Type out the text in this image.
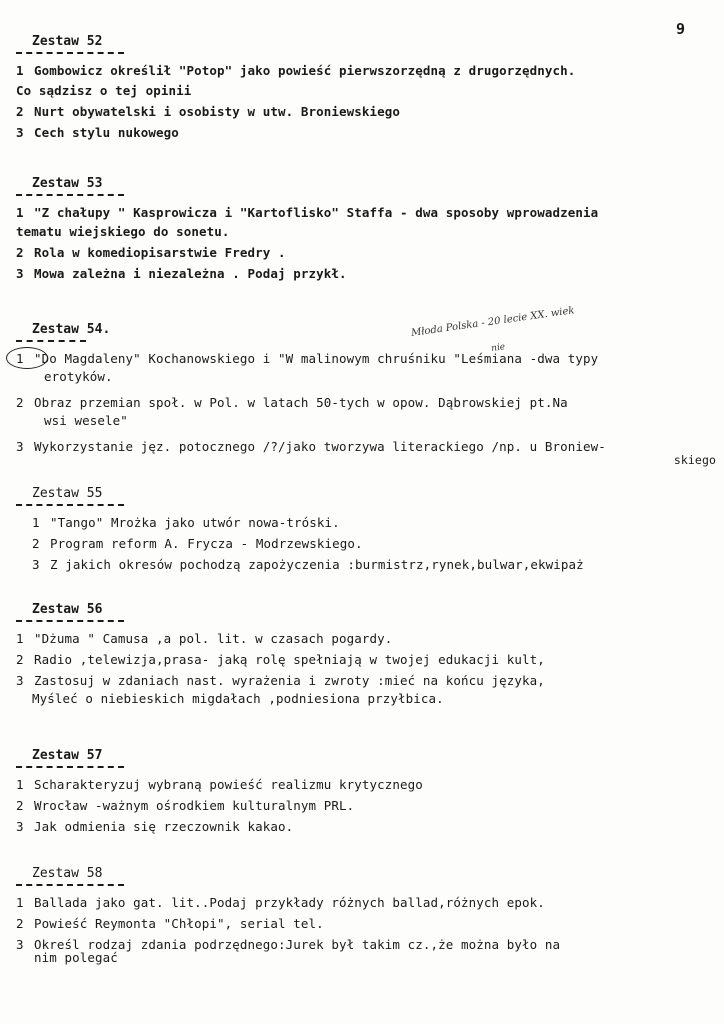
9
Zestaw 52
1 Gombowicz określił "Potop" jako powieść pierwszorzędną z drugorzędnych.
Co sądzisz o tej opinii
2 Nurt obywatelski i osobisty w utw. Broniewskiego
3 Cech stylu nukowego
Zestaw 53
1 "Z chałupy " Kasprowicza i "Kartoflisko" Staffa - dwa sposoby wprowadzenia
tematu wiejskiego do sonetu.
2 Rola w komediopisarstwie Fredry .
3 Mowa zależna i niezależna . Podaj przykł.
Zestaw 54.
1 "Do Magdaleny" Kochanowskiego i "W malinowym chruśniku "Leśmiana -dwa typy
erotyków.
2 Obraz przemian społ. w Pol. w latach 50-tych w opow. Dąbrowskiej pt.Na
wsi wesele"
3 Wykorzystanie jęz. potocznego /?/jako tworzywa literackiego /np. u Broniew-
skiego
Zestaw 55
1 "Tango" Mrożka jako utwór nowa-tróski.
2 Program reform A. Frycza - Modrzewskiego.
3 Z jakich okresów pochodzą zapożyczenia :burmistrz,rynek,bulwar,ekwipaż
Zestaw 56
1 "Dżuma " Camusa ,a pol. lit. w czasach pogardy.
2 Radio ,telewizja,prasa- jaką rolę spełniają w twojej edukacji kult,
3 Zastosuj w zdaniach nast. wyrażenia i zwroty :mieć na końcu języka,
Myśleć o niebieskich migdałach ,podniesiona przyłbica.
Zestaw 57
1 Scharakteryzuj wybraną powieść realizmu krytycznego
2 Wrocław -ważnym ośrodkiem kulturalnym PRL.
3 Jak odmienia się rzeczownik kakao.
Zestaw 58
1 Ballada jako gat. lit..Podaj przykłady różnych ballad,różnych epok.
2 Powieść Reymonta "Chłopi", serial tel.
3 Określ rodzaj zdania podrzędnego:Jurek był takim cz.,że można było na
nim polegać
Młoda Polska - 20 lecie XX. wiek
nie
